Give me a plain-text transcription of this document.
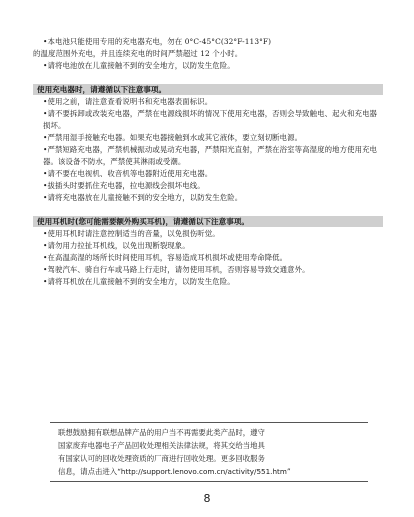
•本电池只能使用专用的充电器充电，勿在 0°C-45°C(32°F-113°F)

的温度范围外充电，并且连续充电的时间严禁超过 12 个小时。

•请将电池放在儿童接触不到的安全地方，以防发生危险。

使用充电器时，请遵循以下注意事项。

•使用之前，请注意查看说明书和充电器表面标识。

•请不要拆卸或改装充电器，严禁在电源线损坏的情况下使用充电器，否则会导致触电、起火和充电器损坏。

•严禁用湿手接触充电器。如果充电器接触到水或其它液体，要立刻切断电源。

•严禁短路充电器，严禁机械振动或晃动充电器，严禁阳光直射，严禁在浴室等高湿度的地方使用充电器。该设备不防水，严禁使其淋雨或受潮。

•请不要在电视机、收音机等电器附近使用充电器。

•拔插头时要抓住充电器，拉电源线会损坏电线。

•请将充电器放在儿童接触不到的安全地方，以防发生危险。

使用耳机时(您可能需要额外购买耳机)，请遵循以下注意事项。

•使用耳机时请注意控制适当的音量，以免损伤听觉。

•请勿用力拉扯耳机线，以免出现断裂现象。

•在高温高湿的场所长时间使用耳机，容易造成耳机损坏或使用寿命降低。

•驾驶汽车、骑自行车或马路上行走时，请勿使用耳机，否则容易导致交通意外。

•请将耳机放在儿童接触不到的安全地方，以防发生危险。

联想鼓励拥有联想品牌产品的用户当不再需要此类产品时，遵守
国家废弃电器电子产品回收处理相关法律法规，将其交给当地具
有国家认可的回收处理资质的厂商进行回收处理。更多回收服务
信息，请点击进入“http://support.lenovo.com.cn/activity/551.htm”
8
